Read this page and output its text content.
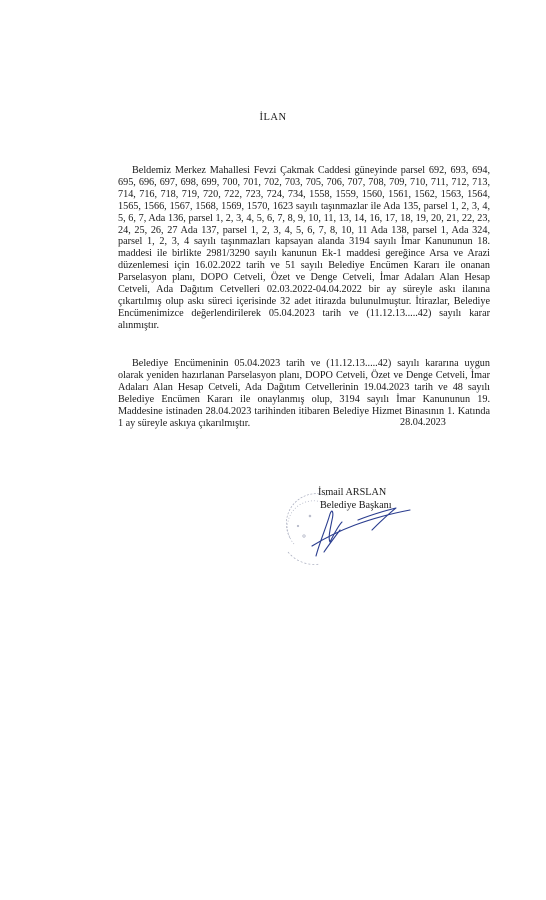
İLAN

Beldemiz Merkez Mahallesi Fevzi Çakmak Caddesi güneyinde parsel 692, 693, 694, 695, 696, 697, 698, 699, 700, 701, 702, 703, 705, 706, 707, 708, 709, 710, 711, 712, 713, 714, 716, 718, 719, 720, 722, 723, 724, 734, 1558, 1559, 1560, 1561, 1562, 1563, 1564, 1565, 1566, 1567, 1568, 1569, 1570, 1623 sayılı taşınmazlar ile Ada 135, parsel 1, 2, 3, 4, 5, 6, 7, Ada 136, parsel 1, 2, 3, 4, 5, 6, 7, 8, 9, 10, 11, 13, 14, 16, 17, 18, 19, 20, 21, 22, 23, 24, 25, 26, 27 Ada 137, parsel 1, 2, 3, 4, 5, 6, 7, 8, 10, 11 Ada 138, parsel 1, Ada 324, parsel 1, 2, 3, 4 sayılı taşınmazları kapsayan alanda 3194 sayılı İmar Kanununun 18. maddesi ile birlikte 2981/3290 sayılı kanunun Ek-1 maddesi gereğince Arsa ve Arazi düzenlemesi için 16.02.2022 tarih ve 51 sayılı Belediye Encümen Kararı ile onanan Parselasyon planı, DOPO Cetveli, Özet ve Denge Cetveli, İmar Adaları Alan Hesap Cetveli, Ada Dağıtım Cetvelleri 02.03.2022-04.04.2022 bir ay süreyle askı ilanına çıkartılmış olup askı süreci içerisinde 32 adet itirazda bulunulmuştur. İtirazlar, Belediye Encümenimizce değerlendirilerek 05.04.2023 tarih ve (11.12.13.....42) sayılı karar alınmıştır.

Belediye Encümeninin 05.04.2023 tarih ve (11.12.13.....42) sayılı kararına uygun olarak yeniden hazırlanan Parselasyon planı, DOPO Cetveli, Özet ve Denge Cetveli, İmar Adaları Alan Hesap Cetveli, Ada Dağıtım Cetvellerinin 19.04.2023 tarih ve 48 sayılı Belediye Encümen Kararı ile onaylanmış olup, 3194 sayılı İmar Kanununun 19. Maddesine istinaden 28.04.2023 tarihinden itibaren Belediye Hizmet Binasının 1. Katında 1 ay süreyle askıya çıkarılmıştır.	28.04.2023
İsmail ARSLAN
Belediye Başkanı
